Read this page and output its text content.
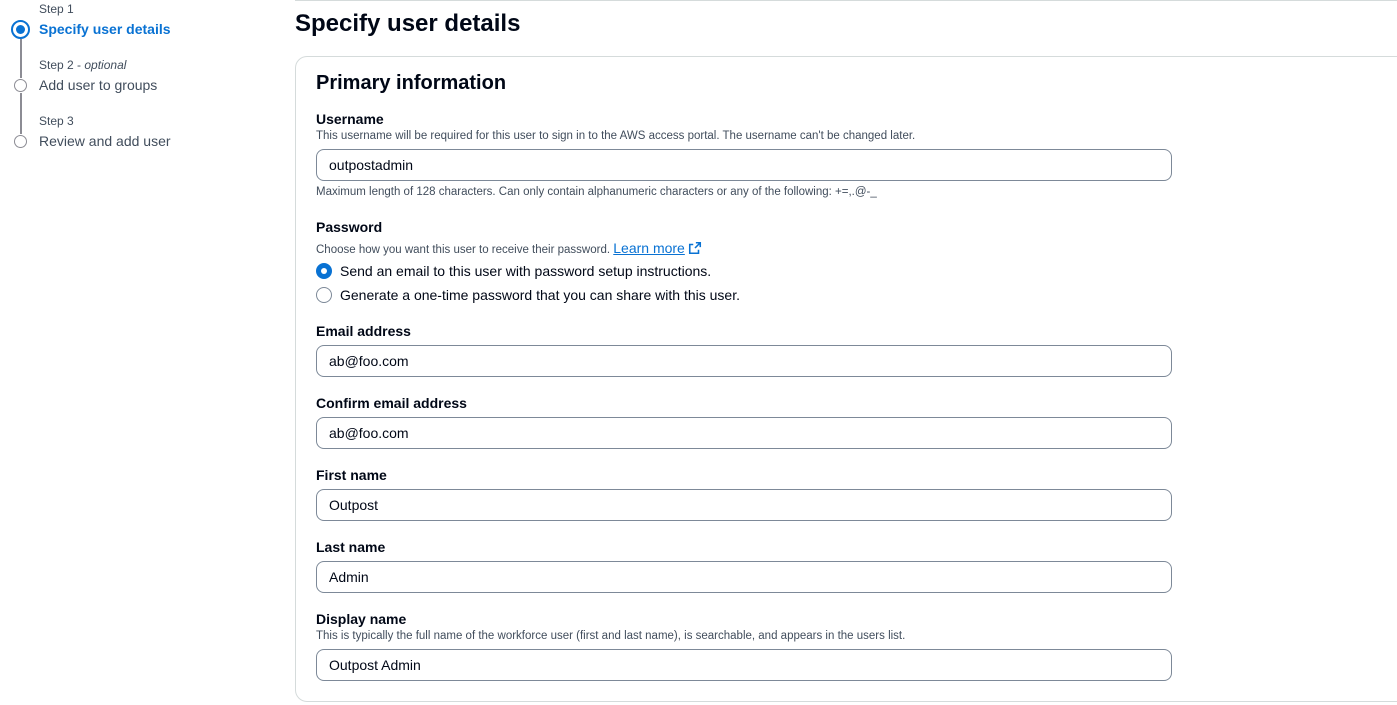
Step 1
Specify user details
Step 2 - optional
Add user to groups
Step 3
Review and add user
Specify user details
Primary information
Username
This username will be required for this user to sign in to the AWS access portal. The username can't be changed later.
outpostadmin
Maximum length of 128 characters. Can only contain alphanumeric characters or any of the following: +=,.@-_
Password
Choose how you want this user to receive their password. Learn more
Send an email to this user with password setup instructions.
Generate a one-time password that you can share with this user.
Email address
ab@foo.com
Confirm email address
ab@foo.com
First name
Outpost
Last name
Admin
Display name
This is typically the full name of the workforce user (first and last name), is searchable, and appears in the users list.
Outpost Admin
